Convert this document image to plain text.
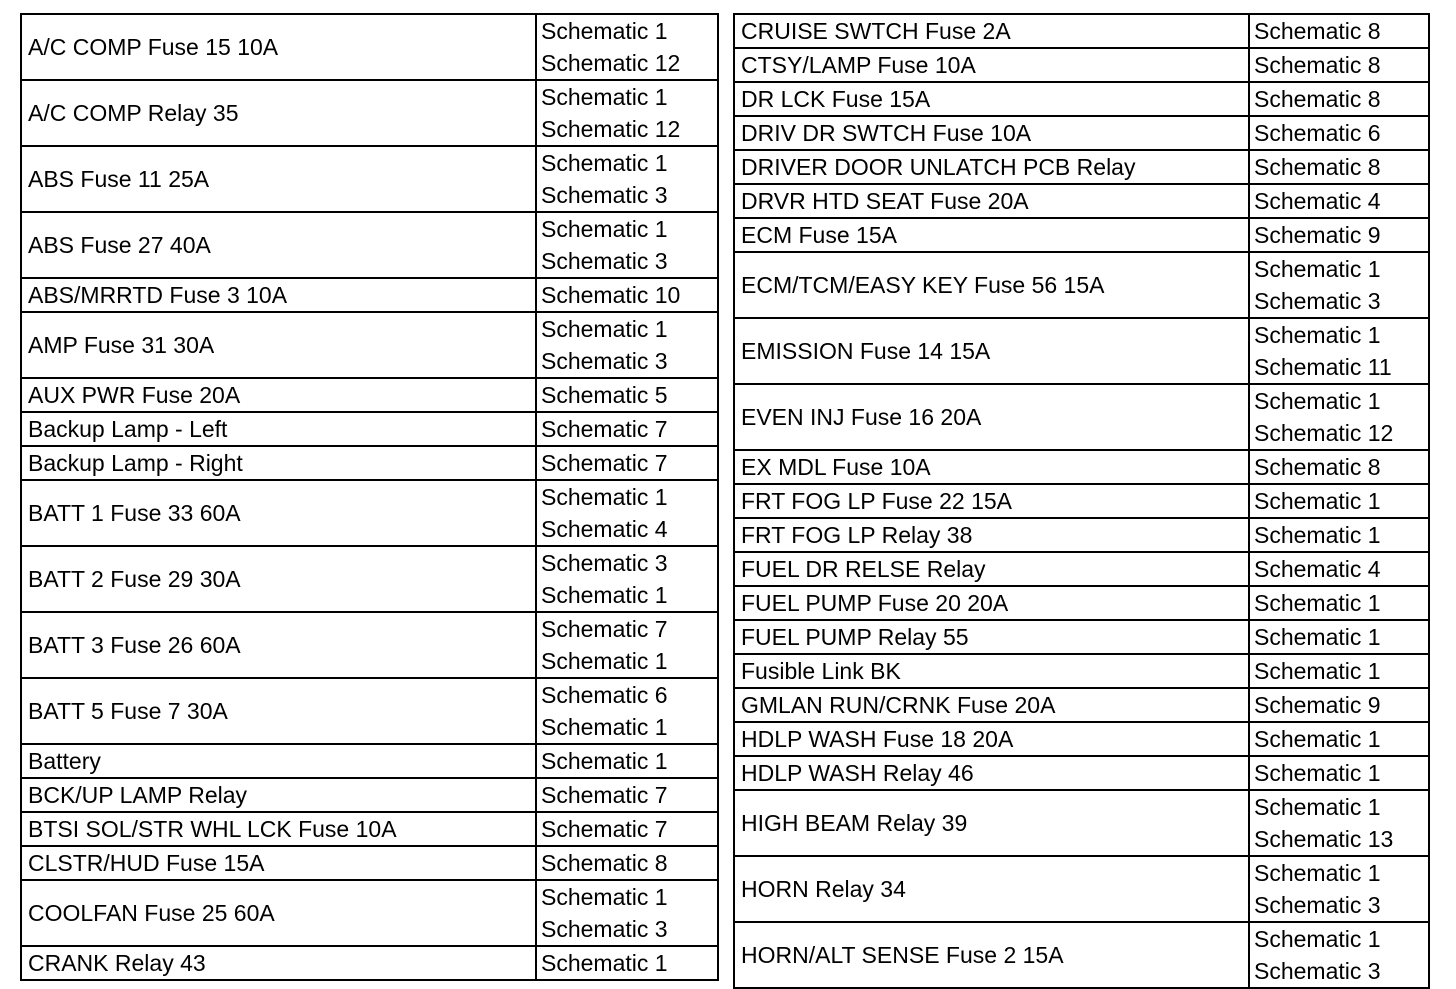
A/C COMP Fuse 15 10A	Schematic 1
Schematic 12

A/C COMP Relay 35	Schematic 1
Schematic 12

ABS Fuse 11 25A	Schematic 1
Schematic 3

ABS Fuse 27 40A	Schematic 1
Schematic 3

ABS/MRRTD Fuse 3 10A	Schematic 10

AMP Fuse 31 30A	Schematic 1
Schematic 3

AUX PWR Fuse 20A	Schematic 5

Backup Lamp - Left	Schematic 7

Backup Lamp - Right	Schematic 7

BATT 1 Fuse 33 60A	Schematic 1
Schematic 4

BATT 2 Fuse 29 30A	Schematic 3
Schematic 1

BATT 3 Fuse 26 60A	Schematic 7
Schematic 1

BATT 5 Fuse 7 30A	Schematic 6
Schematic 1

Battery	Schematic 1

BCK/UP LAMP Relay	Schematic 7

BTSI SOL/STR WHL LCK Fuse 10A	Schematic 7

CLSTR/HUD Fuse 15A	Schematic 8

COOLFAN Fuse 25 60A	Schematic 1
Schematic 3

CRANK Relay 43	Schematic 1
CRUISE SWTCH Fuse 2A	Schematic 8

CTSY/LAMP Fuse 10A	Schematic 8

DR LCK Fuse 15A	Schematic 8

DRIV DR SWTCH Fuse 10A	Schematic 6

DRIVER DOOR UNLATCH PCB Relay	Schematic 8

DRVR HTD SEAT Fuse 20A	Schematic 4

ECM Fuse 15A	Schematic 9

ECM/TCM/EASY KEY Fuse 56 15A	Schematic 1
Schematic 3

EMISSION Fuse 14 15A	Schematic 1
Schematic 11

EVEN INJ Fuse 16 20A	Schematic 1
Schematic 12

EX MDL Fuse 10A	Schematic 8

FRT FOG LP Fuse 22 15A	Schematic 1

FRT FOG LP Relay 38	Schematic 1

FUEL DR RELSE Relay	Schematic 4

FUEL PUMP Fuse 20 20A	Schematic 1

FUEL PUMP Relay 55	Schematic 1

Fusible Link BK	Schematic 1

GMLAN RUN/CRNK Fuse 20A	Schematic 9

HDLP WASH Fuse 18 20A	Schematic 1

HDLP WASH Relay 46	Schematic 1

HIGH BEAM Relay 39	Schematic 1
Schematic 13

HORN Relay 34	Schematic 1
Schematic 3

HORN/ALT SENSE Fuse 2 15A	Schematic 1
Schematic 3
